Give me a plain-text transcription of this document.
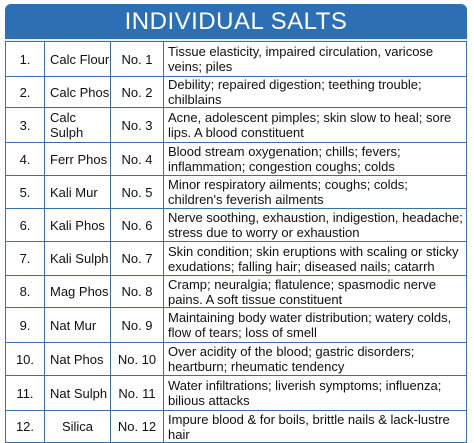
INDIVIDUAL SALTS
1.	Calc Flour	No. 1	Tissue elasticity, impaired circulation, varicose veins; piles
2.	Calc Phos	No. 2	Debility; repaired digestion; teething trouble; chilblains
3.	Calc Sulph	No. 3	Acne, adolescent pimples; skin slow to heal; sore lips. A blood constituent
4.	Ferr Phos	No. 4	Blood stream oxygenation; chills; fevers; inflammation; congestion coughs; colds
5.	Kali Mur	No. 5	Minor respiratory ailments; coughs; colds; children's feverish ailments
6.	Kali Phos	No. 6	Nerve soothing, exhaustion, indigestion, headache; stress due to worry or exhaustion
7.	Kali Sulph	No. 7	Skin condition; skin eruptions with scaling or sticky exudations; falling hair; diseased nails; catarrh
8.	Mag Phos	No. 8	Cramp; neuralgia; flatulence; spasmodic nerve pains. A soft tissue constituent
9.	Nat Mur	No. 9	Maintaining body water distribution; watery colds, flow of tears; loss of smell
10.	Nat Phos	No. 10	Over acidity of the blood; gastric disorders; heartburn; rheumatic tendency
11.	Nat Sulph	No. 11	Water infiltrations; liverish symptoms; influenza; bilious attacks
12.	Silica	No. 12	Impure blood & for boils, brittle nails & lack-lustre hair
